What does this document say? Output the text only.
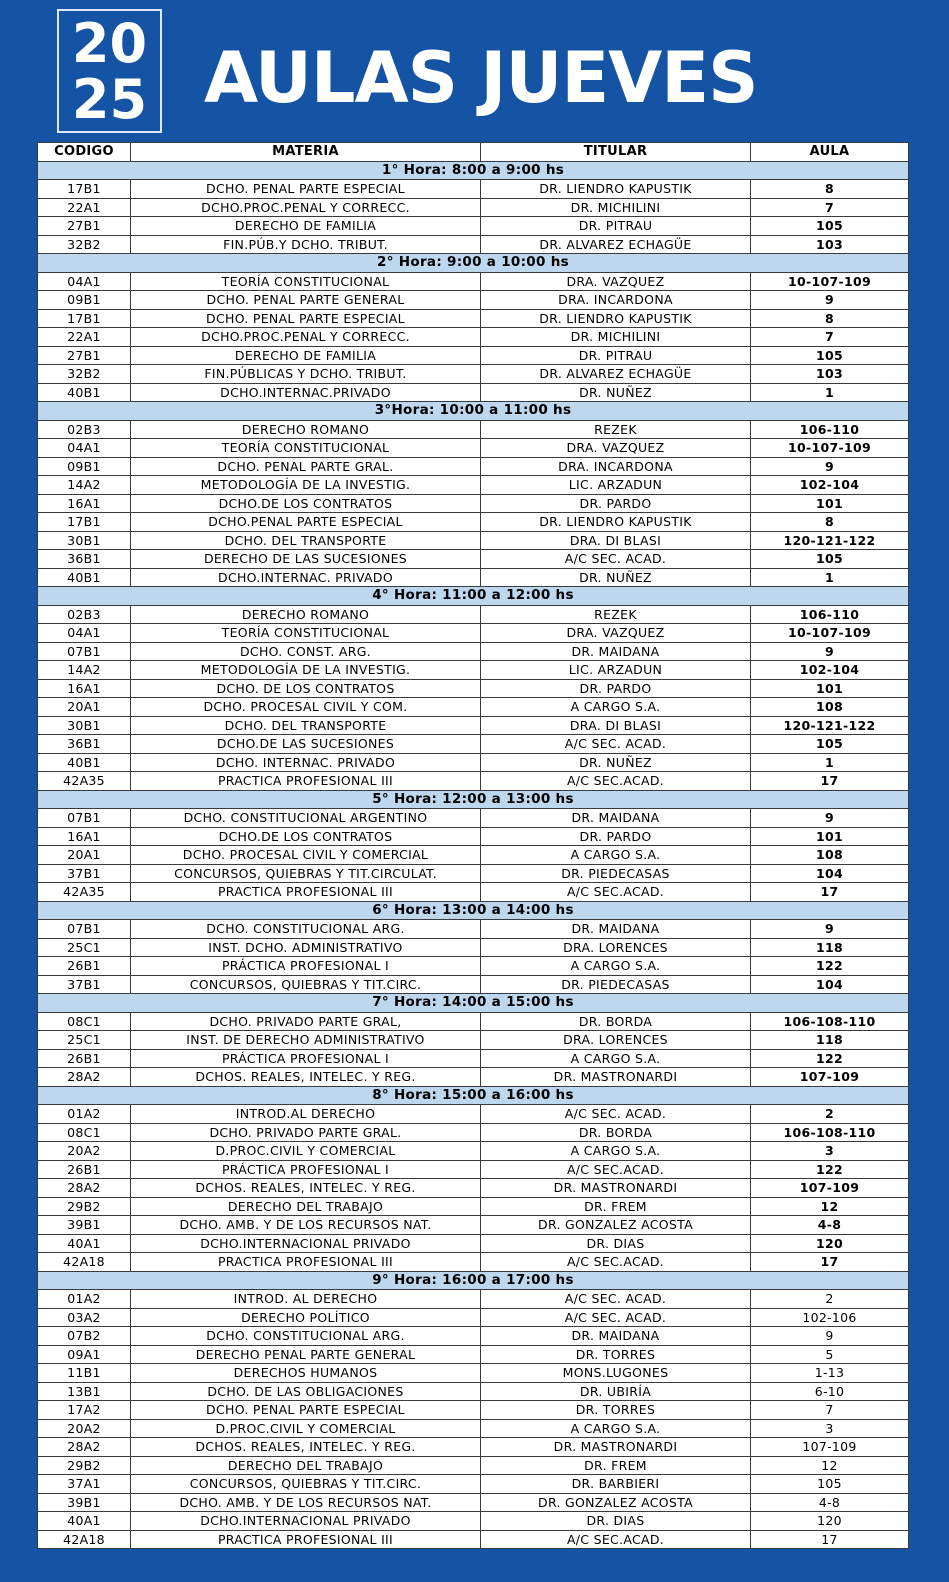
20
25 AULAS JUEVES
CODIGO	MATERIA	TITULAR	AULA
1° Hora: 8:00 a 9:00 hs			
17B1	DCHO. PENAL PARTE ESPECIAL	DR. LIENDRO KAPUSTIK	8
22A1	DCHO.PROC.PENAL Y CORRECC.	DR. MICHILINI	7
27B1	DERECHO DE FAMILIA	DR. PITRAU	105
32B2	FIN.PÚB.Y DCHO. TRIBUT.	DR. ALVAREZ ECHAGÜE	103
2° Hora: 9:00 a 10:00 hs			
04A1	TEORÍA CONSTITUCIONAL	DRA. VAZQUEZ	10-107-109
09B1	DCHO. PENAL PARTE GENERAL	DRA. INCARDONA	9
17B1	DCHO. PENAL PARTE ESPECIAL	DR. LIENDRO KAPUSTIK	8
22A1	DCHO.PROC.PENAL Y CORRECC.	DR. MICHILINI	7
27B1	DERECHO DE FAMILIA	DR. PITRAU	105
32B2	FIN.PÚBLICAS Y DCHO. TRIBUT.	DR. ALVAREZ ECHAGÜE	103
40B1	DCHO.INTERNAC.PRIVADO	DR. NUÑEZ	1
3°Hora: 10:00 a 11:00 hs			
02B3	DERECHO ROMANO	REZEK	106-110
04A1	TEORÍA CONSTITUCIONAL	DRA. VAZQUEZ	10-107-109
09B1	DCHO. PENAL PARTE GRAL.	DRA. INCARDONA	9
14A2	METODOLOGÍA DE LA INVESTIG.	LIC. ARZADUN	102-104
16A1	DCHO.DE LOS CONTRATOS	DR. PARDO	101
17B1	DCHO.PENAL PARTE ESPECIAL	DR. LIENDRO KAPUSTIK	8
30B1	DCHO. DEL TRANSPORTE	DRA. DI BLASI	120-121-122
36B1	DERECHO DE LAS SUCESIONES	A/C SEC. ACAD.	105
40B1	DCHO.INTERNAC. PRIVADO	DR. NUÑEZ	1
4° Hora: 11:00 a 12:00 hs			
02B3	DERECHO ROMANO	REZEK	106-110
04A1	TEORÍA CONSTITUCIONAL	DRA. VAZQUEZ	10-107-109
07B1	DCHO. CONST. ARG.	DR. MAIDANA	9
14A2	METODOLOGÍA DE LA INVESTIG.	LIC. ARZADUN	102-104
16A1	DCHO. DE LOS CONTRATOS	DR. PARDO	101
20A1	DCHO. PROCESAL CIVIL Y COM.	A CARGO S.A.	108
30B1	DCHO. DEL TRANSPORTE	DRA. DI BLASI	120-121-122
36B1	DCHO.DE LAS SUCESIONES	A/C SEC. ACAD.	105
40B1	DCHO. INTERNAC. PRIVADO	DR. NUÑEZ	1
42A35	PRACTICA PROFESIONAL III	A/C SEC.ACAD.	17
5° Hora: 12:00 a 13:00 hs			
07B1	DCHO. CONSTITUCIONAL ARGENTINO	DR. MAIDANA	9
16A1	DCHO.DE LOS CONTRATOS	DR. PARDO	101
20A1	DCHO. PROCESAL CIVIL Y COMERCIAL	A CARGO S.A.	108
37B1	CONCURSOS, QUIEBRAS Y TIT.CIRCULAT.	DR. PIEDECASAS	104
42A35	PRACTICA PROFESIONAL III	A/C SEC.ACAD.	17
6° Hora: 13:00 a 14:00 hs			
07B1	DCHO. CONSTITUCIONAL ARG.	DR. MAIDANA	9
25C1	INST. DCHO. ADMINISTRATIVO	DRA. LORENCES	118
26B1	PRÁCTICA PROFESIONAL I	A CARGO S.A.	122
37B1	CONCURSOS, QUIEBRAS Y TIT.CIRC.	DR. PIEDECASAS	104
7° Hora: 14:00 a 15:00 hs			
08C1	DCHO. PRIVADO PARTE GRAL,	DR. BORDA	106-108-110
25C1	INST. DE DERECHO ADMINISTRATIVO	DRA. LORENCES	118
26B1	PRÁCTICA PROFESIONAL I	A CARGO S.A.	122
28A2	DCHOS. REALES, INTELEC. Y REG.	DR. MASTRONARDI	107-109
8° Hora: 15:00 a 16:00 hs			
01A2	INTROD.AL DERECHO	A/C SEC. ACAD.	2
08C1	DCHO. PRIVADO PARTE GRAL.	DR. BORDA	106-108-110
20A2	D.PROC.CIVIL Y COMERCIAL	A CARGO S.A.	3
26B1	PRÁCTICA PROFESIONAL I	A/C SEC.ACAD.	122
28A2	DCHOS. REALES, INTELEC. Y REG.	DR. MASTRONARDI	107-109
29B2	DERECHO DEL TRABAJO	DR. FREM	12
39B1	DCHO. AMB. Y DE LOS RECURSOS NAT.	DR. GONZALEZ ACOSTA	4-8
40A1	DCHO.INTERNACIONAL PRIVADO	DR. DIAS	120
42A18	PRACTICA PROFESIONAL III	A/C SEC.ACAD.	17
9° Hora: 16:00 a 17:00 hs			
01A2	INTROD. AL DERECHO	A/C SEC. ACAD.	2
03A2	DERECHO POLÍTICO	A/C SEC. ACAD.	102-106
07B2	DCHO. CONSTITUCIONAL ARG.	DR. MAIDANA	9
09A1	DERECHO PENAL PARTE GENERAL	DR. TORRES	5
11B1	DERECHOS HUMANOS	MONS.LUGONES	1-13
13B1	DCHO. DE LAS OBLIGACIONES	DR. UBIRÍA	6-10
17A2	DCHO. PENAL PARTE ESPECIAL	DR. TORRES	7
20A2	D.PROC.CIVIL Y COMERCIAL	A CARGO S.A.	3
28A2	DCHOS. REALES, INTELEC. Y REG.	DR. MASTRONARDI	107-109
29B2	DERECHO DEL TRABAJO	DR. FREM	12
37A1	CONCURSOS, QUIEBRAS Y TIT.CIRC.	DR. BARBIERI	105
39B1	DCHO. AMB. Y DE LOS RECURSOS NAT.	DR. GONZALEZ ACOSTA	4-8
40A1	DCHO.INTERNACIONAL PRIVADO	DR. DIAS	120
42A18	PRACTICA PROFESIONAL III	A/C SEC.ACAD.	17
